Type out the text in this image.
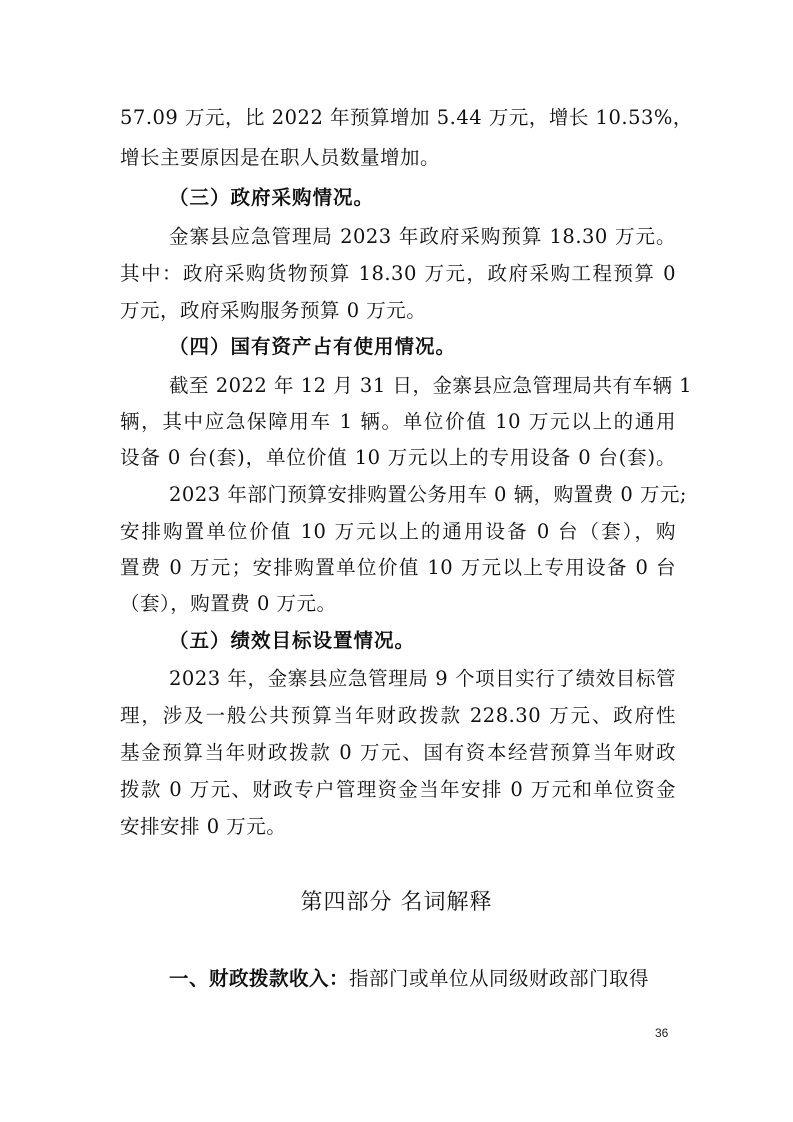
57.09 万元，比 2022 年预算增加 5.44 万元，增长 10.53%，
增长主要原因是在职人员数量增加。
（三）政府采购情况。
金寨县应急管理局 2023 年政府采购预算 18.30 万元。
其中：政府采购货物预算 18.30 万元，政府采购工程预算 0
万元，政府采购服务预算 0 万元。
（四）国有资产占有使用情况。
截至 2022 年 12 月 31 日，金寨县应急管理局共有车辆 1
辆，其中应急保障用车 1 辆。单位价值 10 万元以上的通用
设备 0 台(套)，单位价值 10 万元以上的专用设备 0 台(套)。
2023 年部门预算安排购置公务用车 0 辆，购置费 0 万元;
安排购置单位价值 10 万元以上的通用设备 0 台（套），购
置费 0 万元；安排购置单位价值 10 万元以上专用设备 0 台
（套），购置费 0 万元。
（五）绩效目标设置情况。
2023 年，金寨县应急管理局 9 个项目实行了绩效目标管
理，涉及一般公共预算当年财政拨款 228.30 万元、政府性
基金预算当年财政拨款 0 万元、国有资本经营预算当年财政
拨款 0 万元、财政专户管理资金当年安排 0 万元和单位资金
安排安排 0 万元。
第四部分 名词解释
一、财政拨款收入：指部门或单位从同级财政部门取得
36
